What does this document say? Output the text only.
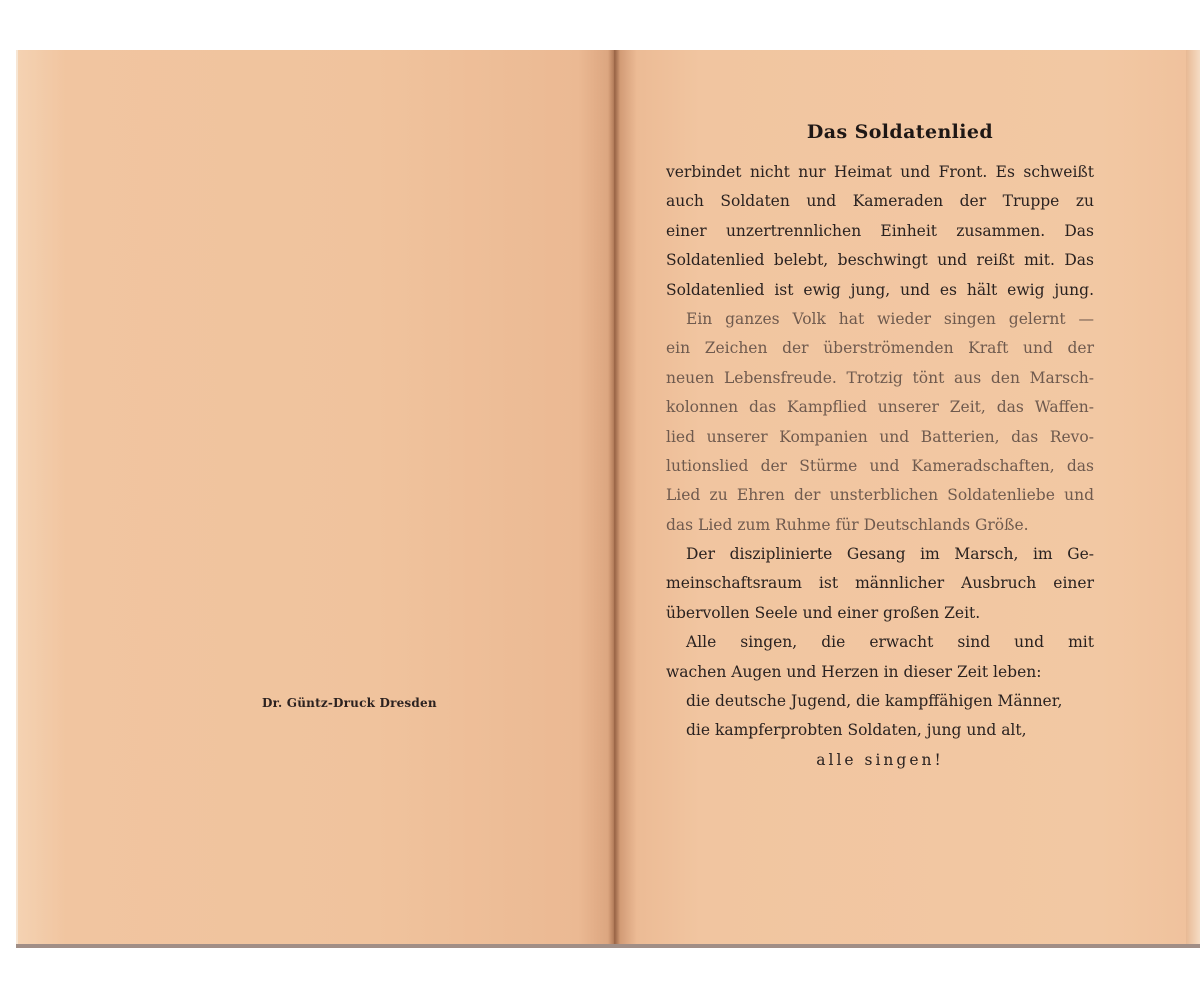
Dr. Güntz-Druck Dresden
Das Soldatenlied
verbindet nicht nur Heimat und Front. Es schweißt
auch Soldaten und Kameraden der Truppe zu
einer unzertrennlichen Einheit zusammen. Das
Soldatenlied belebt, beschwingt und reißt mit. Das
Soldatenlied ist ewig jung, und es hält ewig jung.
Ein ganzes Volk hat wieder singen gelernt —
ein Zeichen der überströmenden Kraft und der
neuen Lebensfreude. Trotzig tönt aus den Marsch-
kolonnen das Kampflied unserer Zeit, das Waffen-
lied unserer Kompanien und Batterien, das Revo-
lutionslied der Stürme und Kameradschaften, das
Lied zu Ehren der unsterblichen Soldatenliebe und
das Lied zum Ruhme für Deutschlands Größe.
Der disziplinierte Gesang im Marsch, im Ge-
meinschaftsraum ist männlicher Ausbruch einer
übervollen Seele und einer großen Zeit.
Alle singen, die erwacht sind und mit
wachen Augen und Herzen in dieser Zeit leben:
die deutsche Jugend, die kampffähigen Männer,
die kampferprobten Soldaten, jung und alt,
alle singen!
